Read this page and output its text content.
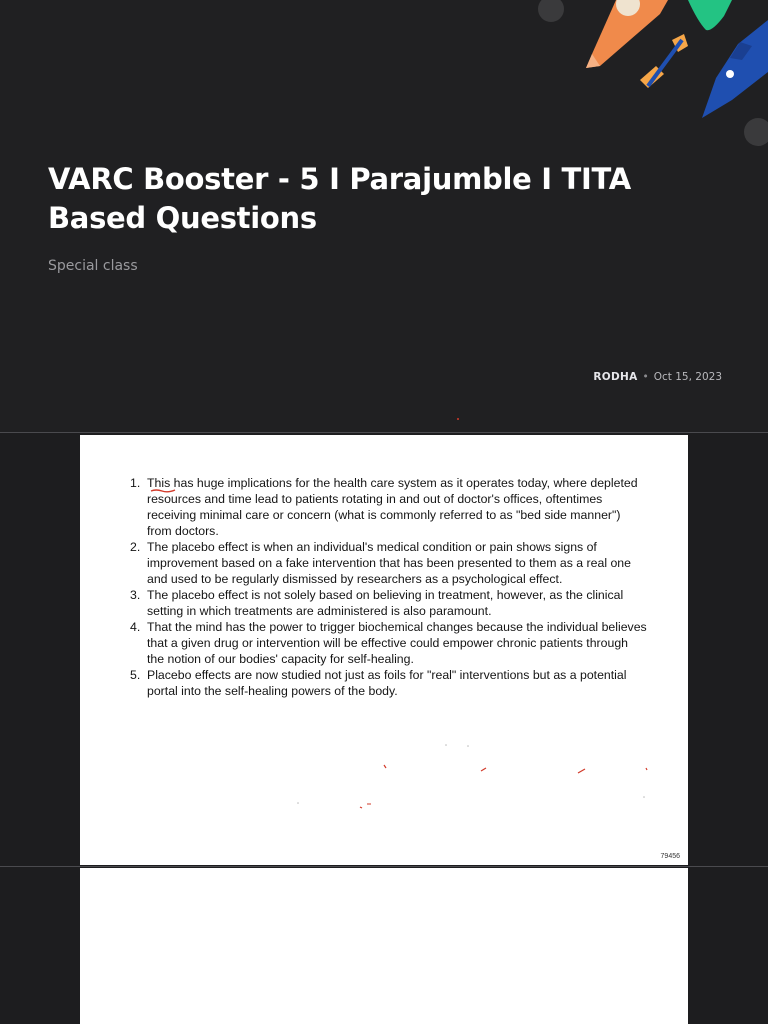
VARC Booster - 5 I Parajumble I TITA Based Questions
Special class
RODHA • Oct 15, 2023
1. This has huge implications for the health care system as it operates today, where depleted resources and time lead to patients rotating in and out of doctor's offices, oftentimes receiving minimal care or concern (what is commonly referred to as "bed side manner") from doctors.
2. The placebo effect is when an individual's medical condition or pain shows signs of improvement based on a fake intervention that has been presented to them as a real one and used to be regularly dismissed by researchers as a psychological effect.
3. The placebo effect is not solely based on believing in treatment, however, as the clinical setting in which treatments are administered is also paramount.
4. That the mind has the power to trigger biochemical changes because the individual believes that a given drug or intervention will be effective could empower chronic patients through the notion of our bodies' capacity for self-healing.
5. Placebo effects are now studied not just as foils for "real" interventions but as a potential portal into the self-healing powers of the body.
79456
